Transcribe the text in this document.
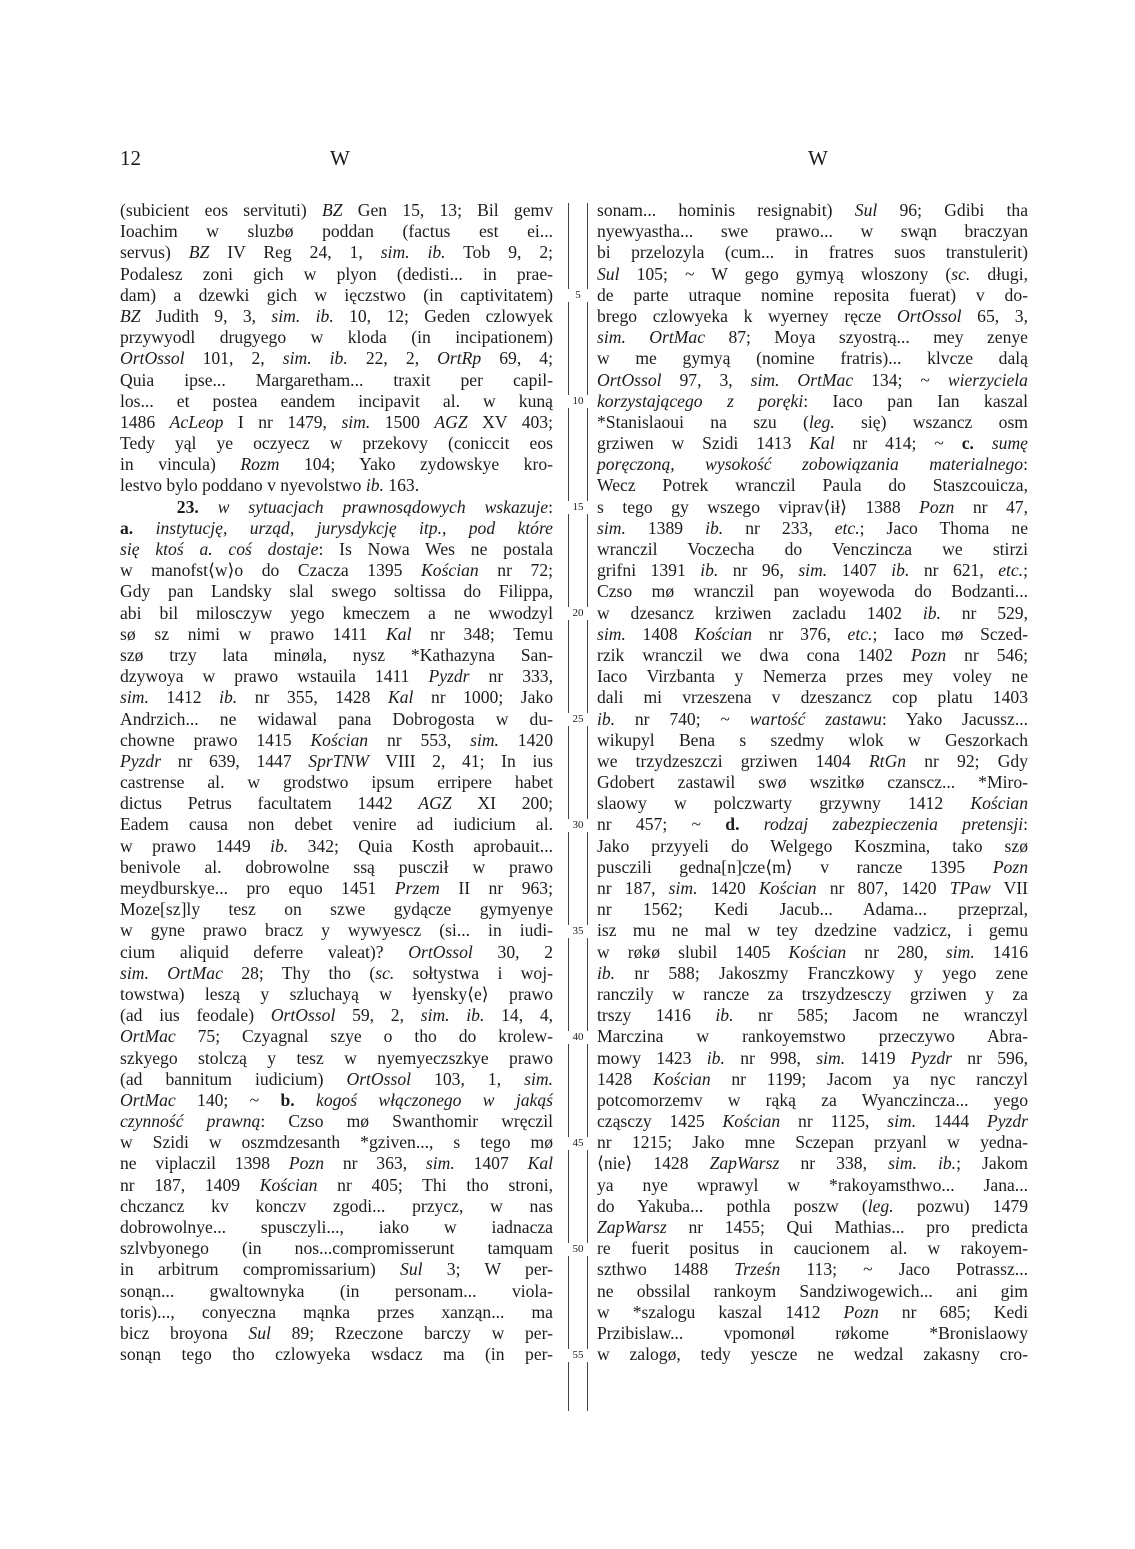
12	W	W
(subicient eos servituti) BZ Gen 15, 13; Bil gemv
Ioachim w sluzbø poddan (factus est ei...
servus) BZ IV Reg 24, 1, sim. ib. Tob 9, 2;
Podalesz zoni gich w plyon (dedisti... in prae-
dam) a dzewki gich w ięczstwo (in captivitatem)
BZ Judith 9, 3, sim. ib. 10, 12; Geden czlowyek
przywyodl drugyego w kloda (in incipationem)
OrtOssol 101, 2, sim. ib. 22, 2, OrtRp 69, 4;
Quia ipse... Margaretham... traxit per capil-
los... et postea eandem incipavit al. w kuną
1486 AcLeop I nr 1479, sim. 1500 AGZ XV 403;
Tedy yąl ye oczyecz w przekovy (coniccit eos
in vincula) Rozm 104; Yako zydowskye kro-
lestvo bylo poddano v nyevolstwo ib. 163.
23. w sytuacjach prawnosądowych wskazuje:
a. instytucję, urząd, jurysdykcję itp., pod które
się ktoś a. coś dostaje: Is Nowa Wes ne postala
w manofst⟨w⟩o do Czacza 1395 Kościan nr 72;
Gdy pan Landsky slal swego soltissa do Filippa,
abi bil milosczyw yego kmeczem a ne wwodzyl
sø sz nimi w prawo 1411 Kal nr 348; Temu
szø trzy lata minøla, nysz *Kathazyna San-
dzywoya w prawo wstauila 1411 Pyzdr nr 333,
sim. 1412 ib. nr 355, 1428 Kal nr 1000; Jako
Andrzich... ne widawal pana Dobrogosta w du-
chowne prawo 1415 Kościan nr 553, sim. 1420
Pyzdr nr 639, 1447 SprTNW VIII 2, 41; In ius
castrense al. w grodstwo ipsum erripere habet
dictus Petrus facultatem 1442 AGZ XI 200;
Eadem causa non debet venire ad iudicium al.
w prawo 1449 ib. 342; Quia Kosth aprobauit...
benivole al. dobrowolne ssą puscził w prawo
meydburskye... pro equo 1451 Przem II nr 963;
Moze[sz]ly tesz on szwe gydącze gymyenye
w gyne prawo bracz y wywyescz (si... in iudi-
cium aliquid deferre valeat)? OrtOssol 30, 2
sim. OrtMac 28; Thy tho (sc. sołtystwa i woj-
towstwa) leszą y szluchayą w łyensky⟨e⟩ prawo
(ad ius feodale) OrtOssol 59, 2, sim. ib. 14, 4,
OrtMac 75; Czyagnal szye o tho do krolew-
szkyego stolczą y tesz w nyemyeczszkye prawo
(ad bannitum iudicium) OrtOssol 103, 1, sim.
OrtMac 140; ~ b. kogoś włączonego w jakąś
czynność prawną: Czso mø Swanthomir wręczil
w Szidi w oszmdzesanth *gziven..., s tego mø
ne viplaczil 1398 Pozn nr 363, sim. 1407 Kal
nr 187, 1409 Kościan nr 405; Thi tho stroni,
chczancz kv konczv zgodi... przycz, w nas
dobrowolnye... spusczyli..., iako w iadnacza
szlvbyonego (in nos...compromisserunt tamquam
in arbitrum compromissarium) Sul 3; W per-
sonąn... gwaltownyka (in personam... viola-
toris)..., conyeczna mąnka przes xanząn... ma
bicz broyona Sul 89; Rzeczone barczy w per-
sonąn tego tho czlowyeka wsdacz ma (in per-
5
10
15
20
25
30
35
40
45
50
55
sonam... hominis resignabit) Sul 96; Gdibi tha
nyewyastha... swe prawo... w swąn braczyan
bi przelozyla (cum... in fratres suos transtulerit)
Sul 105; ~ W gego gymyą wloszony (sc. długi,
de parte utraque nomine reposita fuerat) v do-
brego czlowyeka k wyerney ręcze OrtOssol 65, 3,
sim. OrtMac 87; Moya szyostrą... mey zenye
w me gymyą (nomine fratris)... klvcze dalą
OrtOssol 97, 3, sim. OrtMac 134; ~ wierzyciela
korzystającego z poręki: Iaco pan Ian kaszal
*Stanislaoui na szu (leg. się) wszancz osm
grziwen w Szidi 1413 Kal nr 414; ~ c. sumę
poręczoną, wysokość zobowiązania materialnego:
Wecz Potrek wranczil Paula do Staszcouicza,
s tego gy wszego viprav⟨ił⟩ 1388 Pozn nr 47,
sim. 1389 ib. nr 233, etc.; Jaco Thoma ne
wranczil Voczecha do Venczincza we stirzi
grifni 1391 ib. nr 96, sim. 1407 ib. nr 621, etc.;
Czso mø wranczil pan woyewoda do Bodzanti...
w dzesancz krziwen zacladu 1402 ib. nr 529,
sim. 1408 Kościan nr 376, etc.; Iaco mø Sczed-
rzik wranczil we dwa cona 1402 Pozn nr 546;
Iaco Virzbanta y Nemerza przes mey voley ne
dali mi vrzeszena v dzeszancz cop platu 1403
ib. nr 740; ~ wartość zastawu: Yako Jacussz...
wikupyl Bena s szedmy wlok w Geszorkach
we trzydzeszczi grziwen 1404 RtGn nr 92; Gdy
Gdobert zastawil swø wszitkø czanscz... *Miro-
slaowy w polczwarty grzywny 1412 Kościan
nr 457; ~ d. rodzaj zabezpieczenia pretensji:
Jako przyyeli do Welgego Koszmina, tako szø
pusczili gedna[n]cze⟨m⟩ v rancze 1395 Pozn
nr 187, sim. 1420 Kościan nr 807, 1420 TPaw VII
nr 1562; Kedi Jacub... Adama... przeprzal,
isz mu ne mal w tey dzedzine vadzicz, i gemu
w røkø slubil 1405 Kościan nr 280, sim. 1416
ib. nr 588; Jakoszmy Franczkowy y yego zene
ranczily w rancze za trszydzesczy grziwen y za
trszy 1416 ib. nr 585; Jacom ne wranczyl
Marczina w rankoyemstwo przeczywo Abra-
mowy 1423 ib. nr 998, sim. 1419 Pyzdr nr 596,
1428 Kościan nr 1199; Jacom ya nyc ranczyl
potcomorzemv w rąką za Wyanczincza... yego
cząsczy 1425 Kościan nr 1125, sim. 1444 Pyzdr
nr 1215; Jako mne Sczepan przyanl w yedna-
⟨nie⟩ 1428 ZapWarsz nr 338, sim. ib.; Jakom
ya nye wprawyl w *rakoyamsthwo... Jana...
do Yakuba... pothla poszw (leg. pozwu) 1479
ZapWarsz nr 1455; Qui Mathias... pro predicta
re fuerit positus in caucionem al. w rakoyem-
szthwo 1488 Trześn 113; ~ Jaco Potrassz...
ne obssilal rankoym Sandziwogewich... ani gim
w *szalogu kaszal 1412 Pozn nr 685; Kedi
Przibislaw... vpomonøl røkome *Bronislaowy
w zalogø, tedy yescze ne wedzal zakasny cro-
